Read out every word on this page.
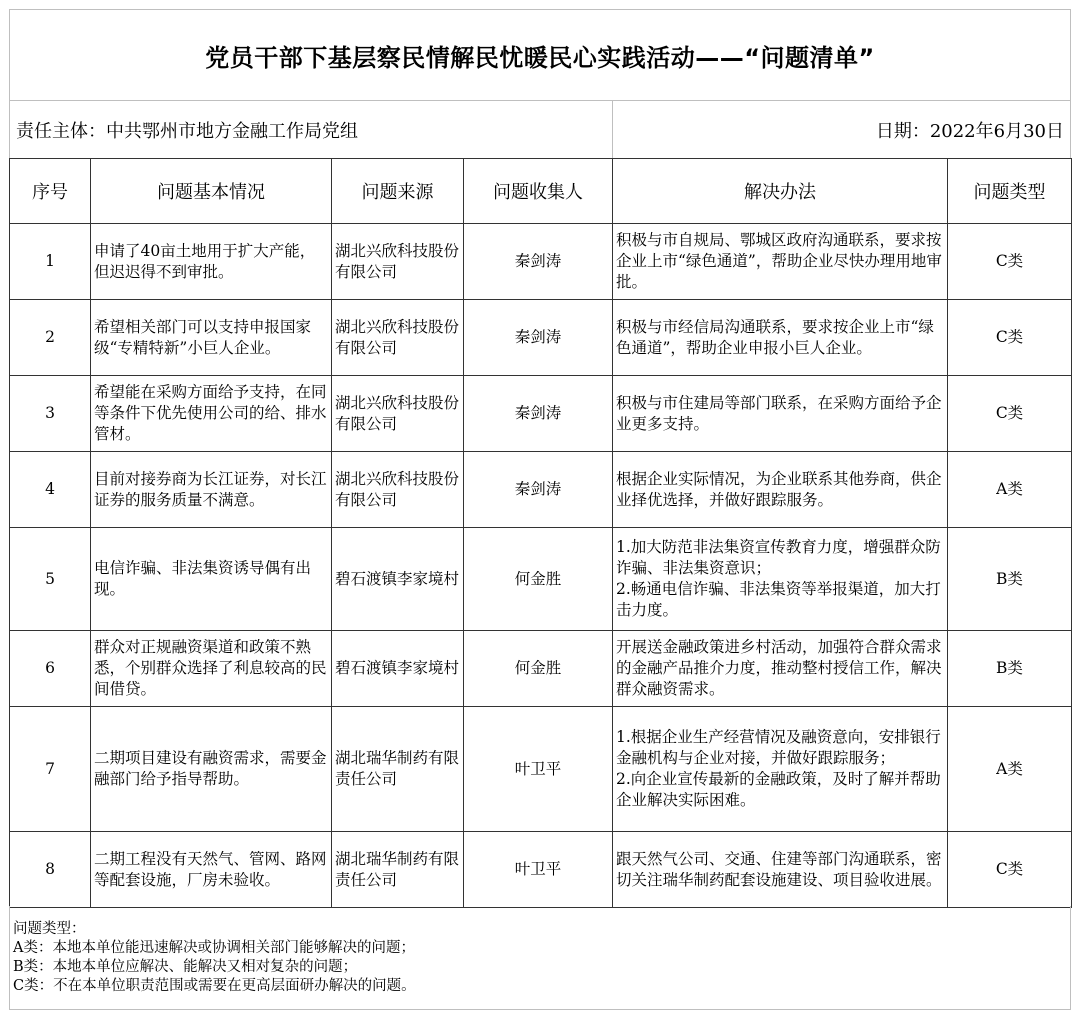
党员干部下基层察民情解民忧暖民心实践活动——“问题清单”
责任主体：中共鄂州市地方金融工作局党组	日期：2022年6月30日
序号	问题基本情况	问题来源	问题收集人	解决办法	问题类型
1	申请了40亩土地用于扩大产能，但迟迟得不到审批。	湖北兴欣科技股份有限公司	秦剑涛	积极与市自规局、鄂城区政府沟通联系，要求按企业上市“绿色通道”，帮助企业尽快办理用地审批。	C类
2	希望相关部门可以支持申报国家级“专精特新”小巨人企业。	湖北兴欣科技股份有限公司	秦剑涛	积极与市经信局沟通联系，要求按企业上市“绿色通道”，帮助企业申报小巨人企业。	C类
3	希望能在采购方面给予支持，在同等条件下优先使用公司的给、排水管材。	湖北兴欣科技股份有限公司	秦剑涛	积极与市住建局等部门联系，在采购方面给予企业更多支持。	C类
4	目前对接券商为长江证券，对长江证券的服务质量不满意。	湖北兴欣科技股份有限公司	秦剑涛	根据企业实际情况，为企业联系其他券商，供企业择优选择，并做好跟踪服务。	A类
5	电信诈骗、非法集资诱导偶有出现。	碧石渡镇李家境村	何金胜	1.加大防范非法集资宣传教育力度，增强群众防诈骗、非法集资意识；
2.畅通电信诈骗、非法集资等举报渠道，加大打击力度。	B类
6	群众对正规融资渠道和政策不熟悉，个别群众选择了利息较高的民间借贷。	碧石渡镇李家境村	何金胜	开展送金融政策进乡村活动，加强符合群众需求的金融产品推介力度，推动整村授信工作，解决群众融资需求。	B类
7	二期项目建设有融资需求，需要金融部门给予指导帮助。	湖北瑞华制药有限责任公司	叶卫平	1.根据企业生产经营情况及融资意向，安排银行金融机构与企业对接，并做好跟踪服务；
2.向企业宣传最新的金融政策，及时了解并帮助企业解决实际困难。	A类
8	二期工程没有天然气、管网、路网等配套设施，厂房未验收。	湖北瑞华制药有限责任公司	叶卫平	跟天然气公司、交通、住建等部门沟通联系，密切关注瑞华制药配套设施建设、项目验收进展。	C类
问题类型：
A类：本地本单位能迅速解决或协调相关部门能够解决的问题；
B类：本地本单位应解决、能解决又相对复杂的问题；
C类：不在本单位职责范围或需要在更高层面研办解决的问题。
